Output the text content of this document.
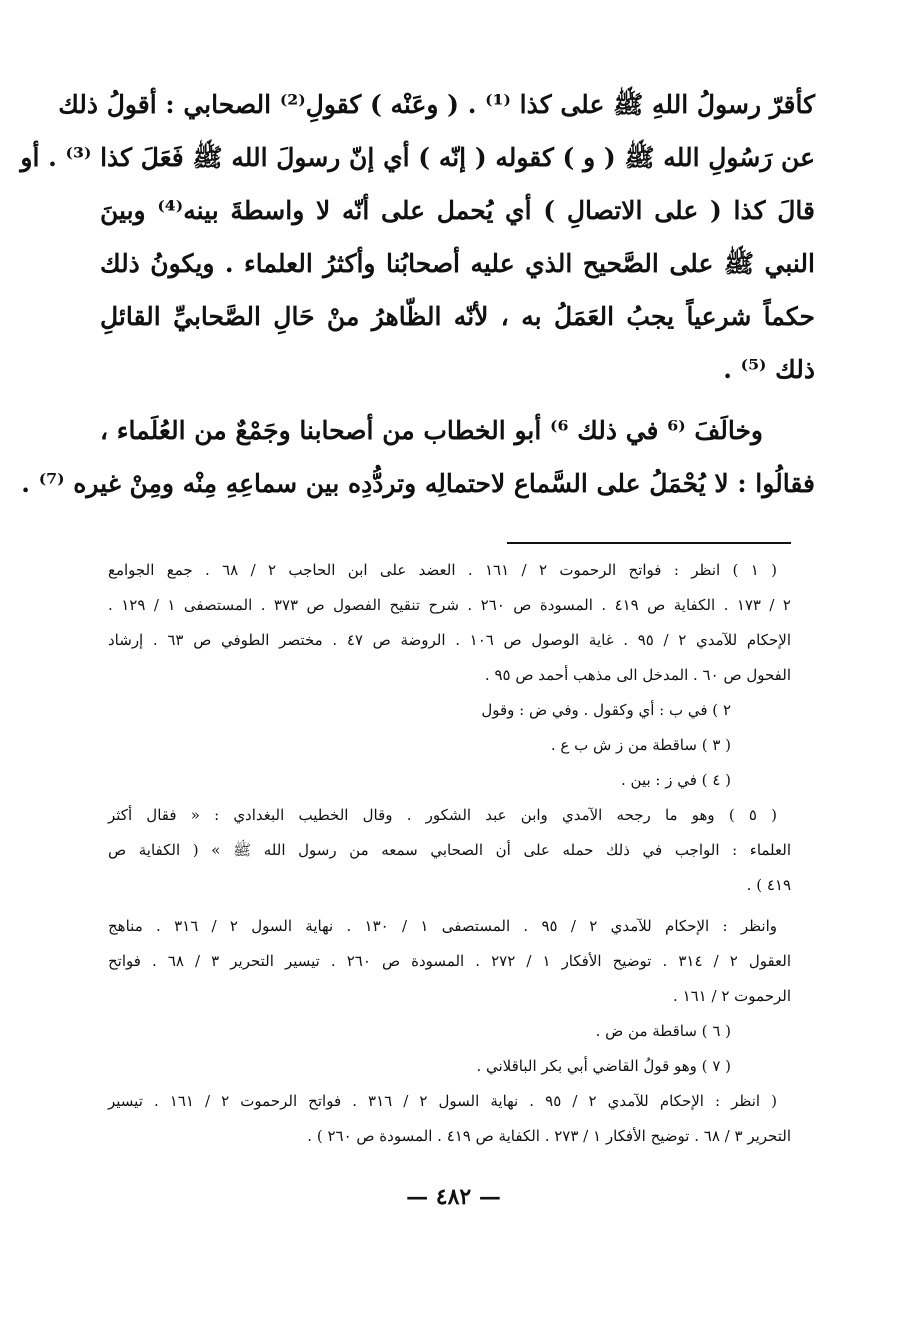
كأقرّ رسولُ اللهِ ﷺ على كذا ⁽¹⁾ . ( وعَنْه ) كقولِ⁽²⁾ الصحابي : أقولُ ذلك
عن رَسُولِ الله ﷺ ( و ) كقوله ( إنّه ) أي إنّ رسولَ الله ﷺ فَعَلَ كذا ⁽³⁾ . أو
قالَ كذا ( على الاتصالِ ) أي يُحمل على أنّه لا واسطةَ بينه⁽⁴⁾ وبينَ
النبي ﷺ على الصَّحيح الذي عليه أصحابُنا وأكثرُ العلماء . ويكونُ ذلك
حكماً شرعياً يجبُ العَمَلُ به ، لأنّه الظّاهرُ منْ حَالِ الصَّحابيِّ القائلِ
ذلك ⁽⁵⁾ .
وخالَفَ ⁽⁶ في ذلك ⁶⁾ أبو الخطاب من أصحابنا وجَمْعٌ من العُلَماء ،
فقالُوا : لا يُحْمَلُ على السَّماع لاحتمالِه وتردُّدِه بين سماعِهِ مِنْه ومِنْ غيره ⁽⁷⁾ .
( ١ ) انظر : فواتح الرحموت ٢ / ١٦١ . العضد على ابن الحاجب ٢ / ٦٨ . جمع الجوامع
٢ / ١٧٣ . الكفاية ص ٤١٩ . المسودة ص ٢٦٠ . شرح تنقيح الفصول ص ٣٧٣ . المستصفى ١ / ١٢٩ .
الإحكام للآمدي ٢ / ٩٥ . غاية الوصول ص ١٠٦ . الروضة ص ٤٧ . مختصر الطوفي ص ٦٣ . إرشاد
الفحول ص ٦٠ . المدخل الى مذهب أحمد ص ٩٥ .
٢ ) في ب : أي وكقول . وفي ض : وقول
( ٣ ) ساقطة من ز ش ب ع .
( ٤ ) في ز : بين .
( ٥ ) وهو ما رجحه الآمدي وابن عبد الشكور . وقال الخطيب البغدادي : « فقال أكثر
العلماء : الواجب في ذلك حمله على أن الصحابي سمعه من رسول الله ﷺ » ( الكفاية ص
٤١٩ ) .
وانظر : الإحكام للآمدي ٢ / ٩٥ . المستصفى ١ / ١٣٠ . نهاية السول ٢ / ٣١٦ . مناهج
العقول ٢ / ٣١٤ . توضيح الأفكار ١ / ٢٧٢ . المسودة ص ٢٦٠ . تيسير التحرير ٣ / ٦٨ . فواتح
الرحموت ٢ / ١٦١ .
( ٦ ) ساقطة من ض .
( ٧ ) وهو قولُ القاضي أبي بكر الباقلاني .
( انظر : الإحكام للآمدي ٢ / ٩٥ . نهاية السول ٢ / ٣١٦ . فواتح الرحموت ٢ / ١٦١ . تيسير
التحرير ٣ / ٦٨ . توضيح الأفكار ١ / ٢٧٣ . الكفاية ص ٤١٩ . المسودة ص ٢٦٠ ) .
— ٤٨٢ —
